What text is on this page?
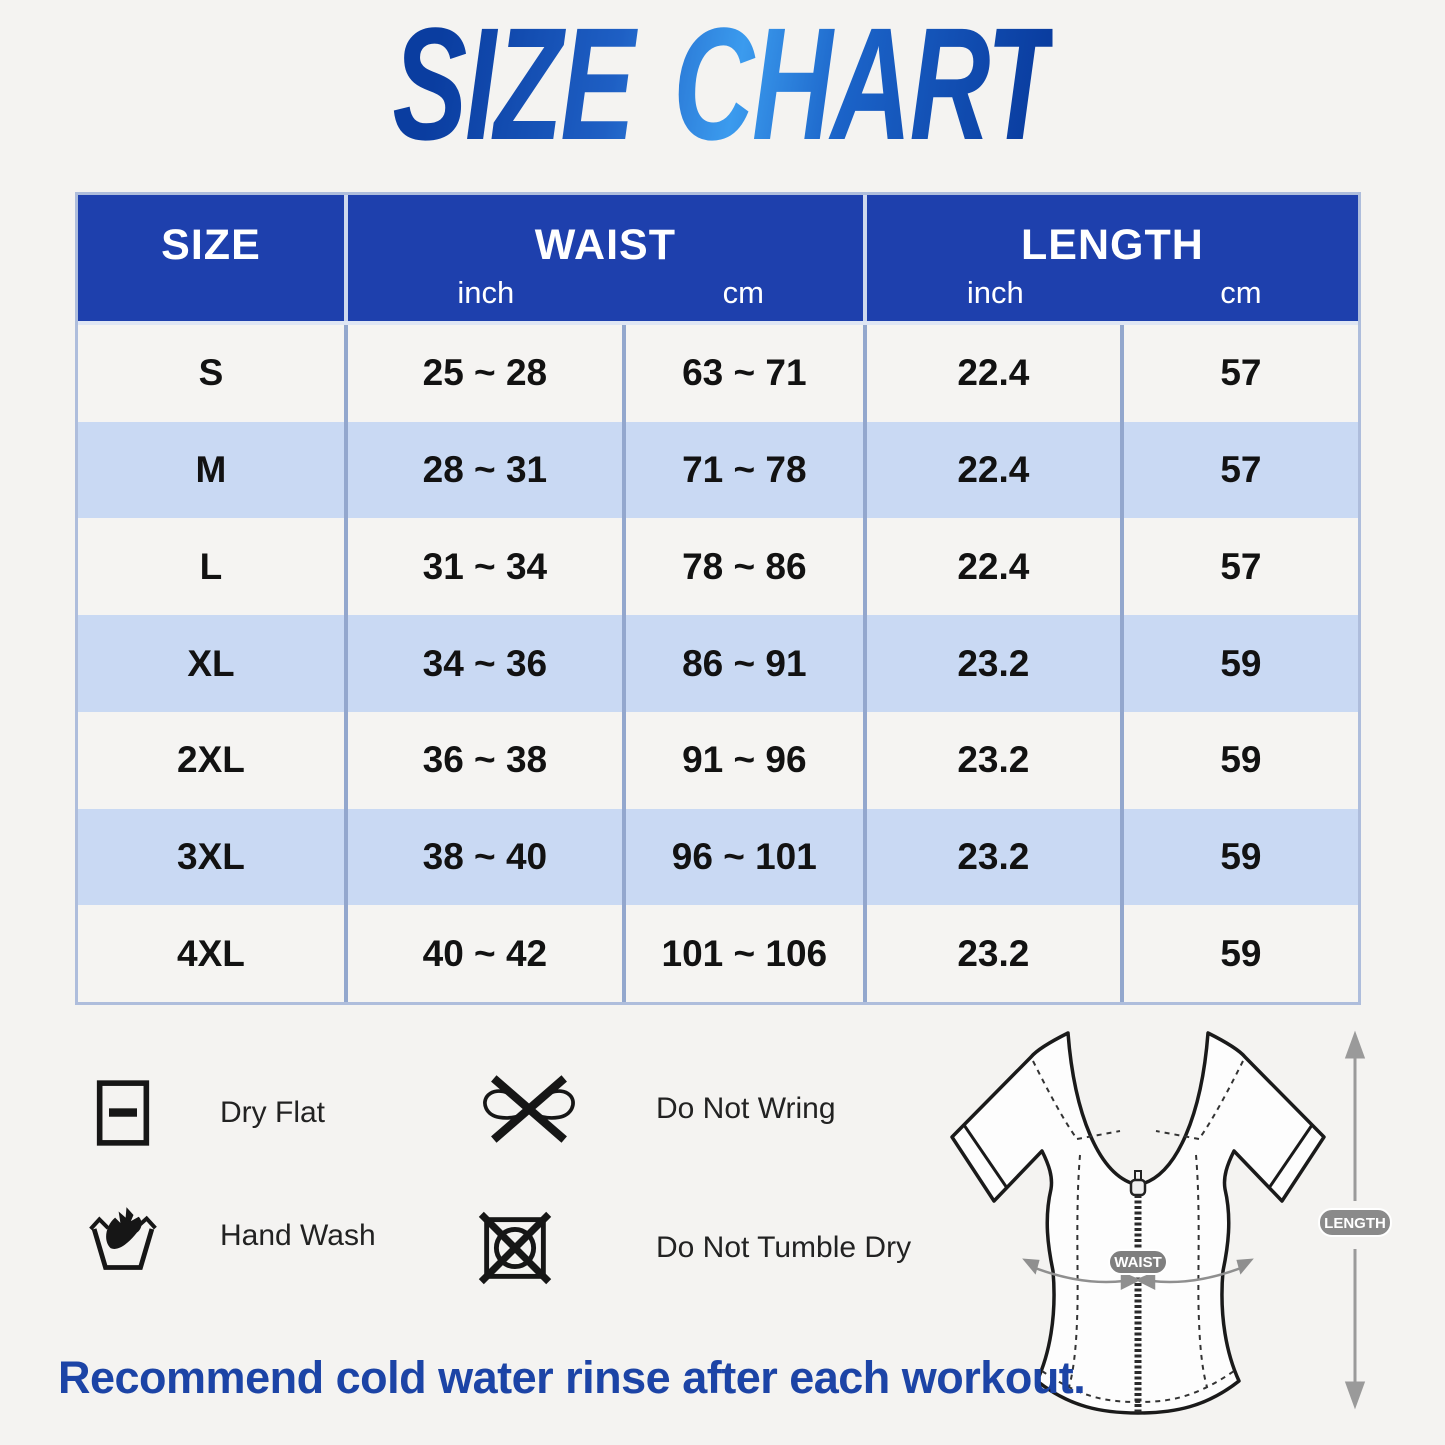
SIZE CHART
SIZE	WAIST
inch	cm
LENGTH
inch	cm
S	25 ~ 28	63 ~ 71	22.4	57
M	28 ~ 31	71 ~ 78	22.4	57
L	31 ~ 34	78 ~ 86	22.4	57
XL	34 ~ 36	86 ~ 91	23.2	59
2XL	36 ~ 38	91 ~ 96	23.2	59
3XL	38 ~ 40	96 ~ 101	23.2	59
4XL	40 ~ 42	101 ~ 106	23.2	59
Dry Flat	Do Not Wring
Hand Wash	Do Not Tumble Dry	WAIST
LENGTH
Recommend cold water rinse after each workout.
